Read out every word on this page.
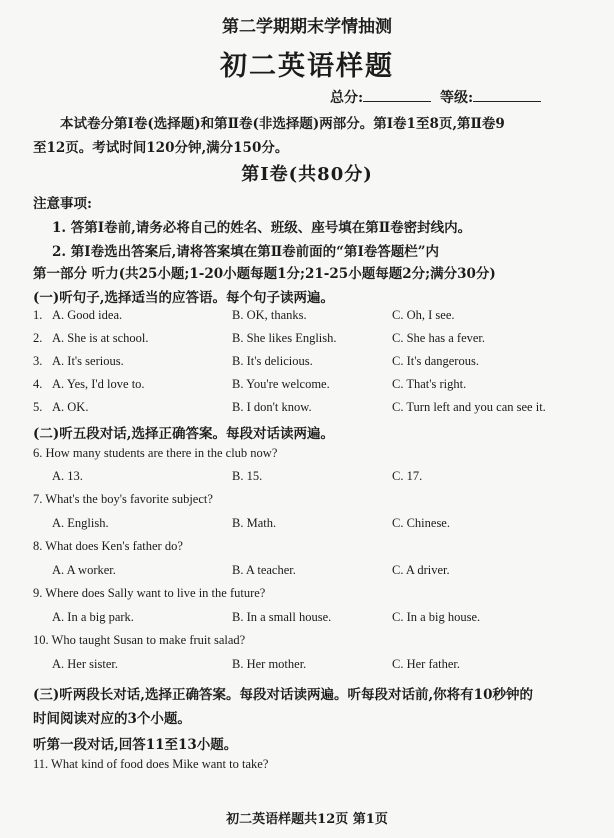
第二学期期末学情抽测
初二英语样题
总分:	等级:
本试卷分第Ⅰ卷(选择题)和第Ⅱ卷(非选择题)两部分。第Ⅰ卷1至8页,第Ⅱ卷9
至12页。考试时间120分钟,满分150分。
第Ⅰ卷(共80分)
注意事项:
1. 答第Ⅰ卷前,请务必将自己的姓名、班级、座号填在第Ⅱ卷密封线内。
2. 第Ⅰ卷选出答案后,请将答案填在第Ⅱ卷前面的“第Ⅰ卷答题栏”内
第一部分 听力(共25小题;1-20小题每题1分;21-25小题每题2分;满分30分)
(一)听句子,选择适当的应答语。每个句子读两遍。
1. A. Good idea.	B. OK, thanks.	C. Oh, I see.
2. A. She is at school.	B. She likes English.	C. She has a fever.
3. A. It's serious.	B. It's delicious.	C. It's dangerous.
4. A. Yes, I'd love to.	B. You're welcome.	C. That's right.
5. A. OK.	B. I don't know.	C. Turn left and you can see it.
(二)听五段对话,选择正确答案。每段对话读两遍。
6. How many students are there in the club now?
A. 13.	B. 15.	C. 17.
7. What's the boy's favorite subject?
A. English.	B. Math.	C. Chinese.
8. What does Ken's father do?
A. A worker.	B. A teacher.	C. A driver.
9. Where does Sally want to live in the future?
A. In a big park.	B. In a small house.	C. In a big house.
10. Who taught Susan to make fruit salad?
A. Her sister.	B. Her mother.	C. Her father.
(三)听两段长对话,选择正确答案。每段对话读两遍。听每段对话前,你将有10秒钟的
时间阅读对应的3个小题。
听第一段对话,回答11至13小题。
11. What kind of food does Mike want to take?
初二英语样题共12页 第1页
